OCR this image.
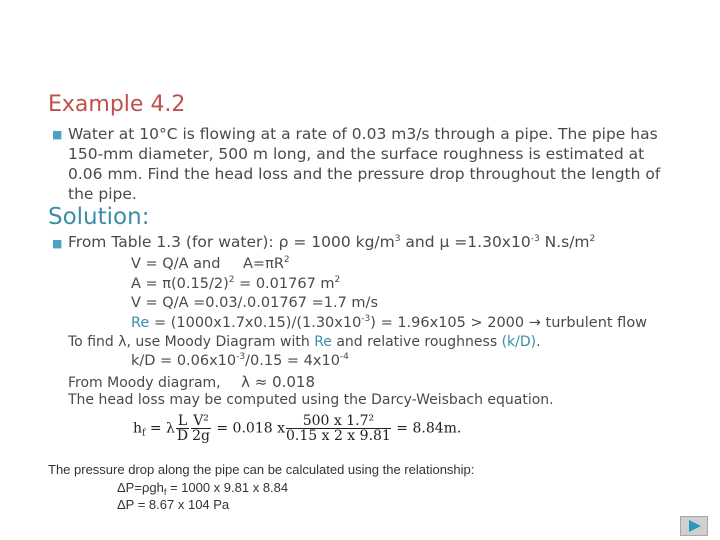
Example 4.2
■ Water at 10°C is flowing at a rate of 0.03 m3/s through a pipe. The pipe has 150-mm diameter, 500 m long, and the surface roughness is estimated at 0.06 mm. Find the head loss and the pressure drop throughout the length of the pipe.
Solution:
■ From Table 1.3 (for water): ρ = 1000 $kg/m^3$ and $\mu =1.30x10^{-3}$ $N.s/m^2$
V = Q/A and $A=\pi R^2$
$A = \pi(0.15/2)^2 = 0.01767$ $m^2$
V = Q/A =0.03/.0.01767 =1.7 m/s
$Re = (1000x1.7x0.15)/(1.30x10^{-3}) = 1.96x105 > 2000$ → turbulent flow
To find λ, use Moody Diagram with Re and relative roughness (k/D).
$k/D = 0.06x10^{-3}/0.15 = 4x10^{-4}$
From Moody diagram, λ ≈ 0.018
The head loss may be computed using the Darcy-Weisbach equation.
$h_f = \lambda \frac{L}{D} \frac{\text{V²}}{2g} = 0.018$ x $\frac{\text{500 x 1.7²}}{0.15 x 2 x 9.81} = 8.84m$.
The pressure drop along the pipe can be calculated using the relationship:
ΔP=ρgh$_f$ = 1000 x 9.81 x 8.84
ΔP = 8.67 x 104 Pa
